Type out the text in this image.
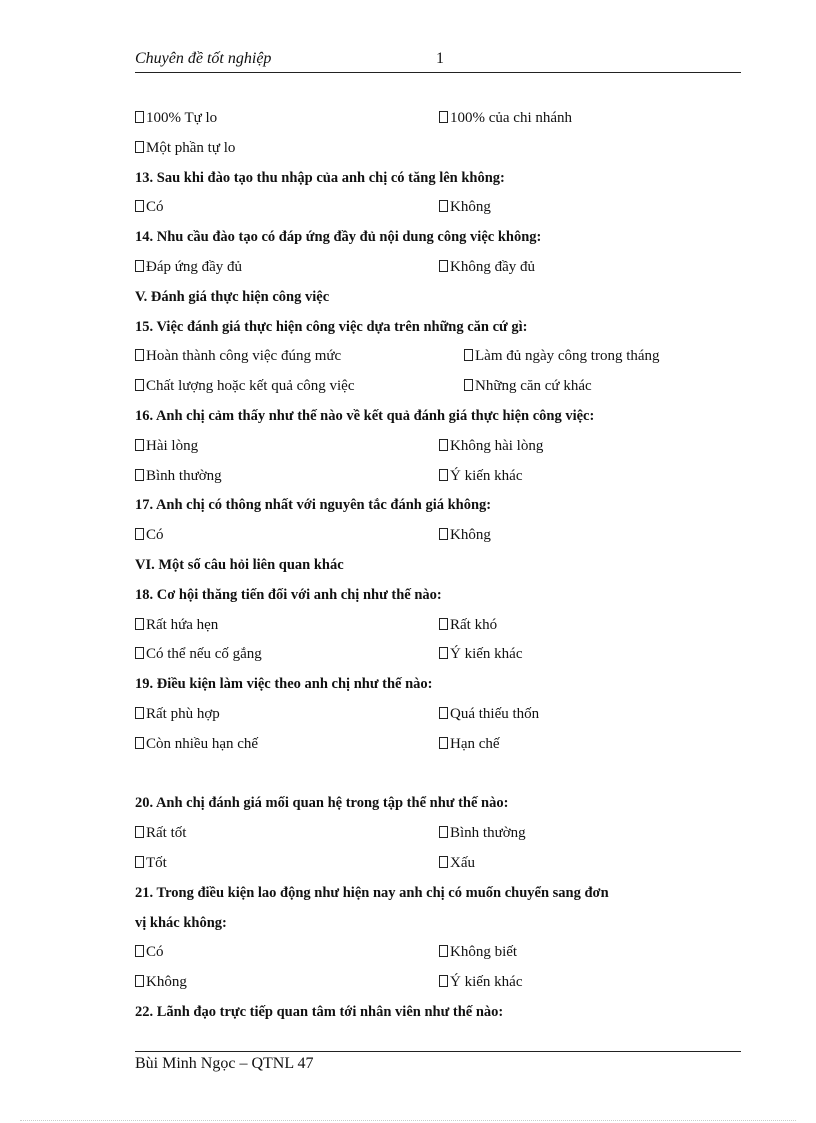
Chuyên đề tốt nghiệp	1
100% Tự lo	100% của chi nhánh
Một phần tự lo
13. Sau khi đào tạo thu nhập của anh chị có tăng lên không:
Có	Không
14. Nhu cầu đào tạo có đáp ứng đầy đủ nội dung công việc không:
Đáp ứng đầy đủ	Không đầy đủ
V. Đánh giá thực hiện công việc
15. Việc đánh giá thực hiện công việc dựa trên những căn cứ gì:
Hoàn thành công việc đúng mức	Làm đủ ngày công trong tháng
Chất lượng hoặc kết quả công việc	Những căn cứ khác
16. Anh chị cảm thấy như thế nào về kết quả đánh giá thực hiện công việc:
Hài lòng	Không hài lòng
Bình thường	Ý kiến khác
17. Anh chị có thông nhất với nguyên tắc đánh giá không:
Có	Không
VI. Một số câu hỏi liên quan khác
18. Cơ hội thăng tiến đối với anh chị như thế nào:
Rất hứa hẹn	Rất khó
Có thể nếu cố gắng	Ý kiến khác
19. Điều kiện làm việc theo anh chị như thế nào:
Rất phù hợp	Quá thiếu thốn
Còn nhiều hạn chế	Hạn chế
20. Anh chị đánh giá mối quan hệ trong tập thể như thế nào:
Rất tốt	Bình thường
Tốt	Xấu
21. Trong điều kiện lao động như hiện nay anh chị có muốn chuyển sang đơn
vị khác không:
Có	Không biết
Không	Ý kiến khác
22. Lãnh đạo trực tiếp quan tâm tới nhân viên như thế nào:
Bùi Minh Ngọc – QTNL 47
